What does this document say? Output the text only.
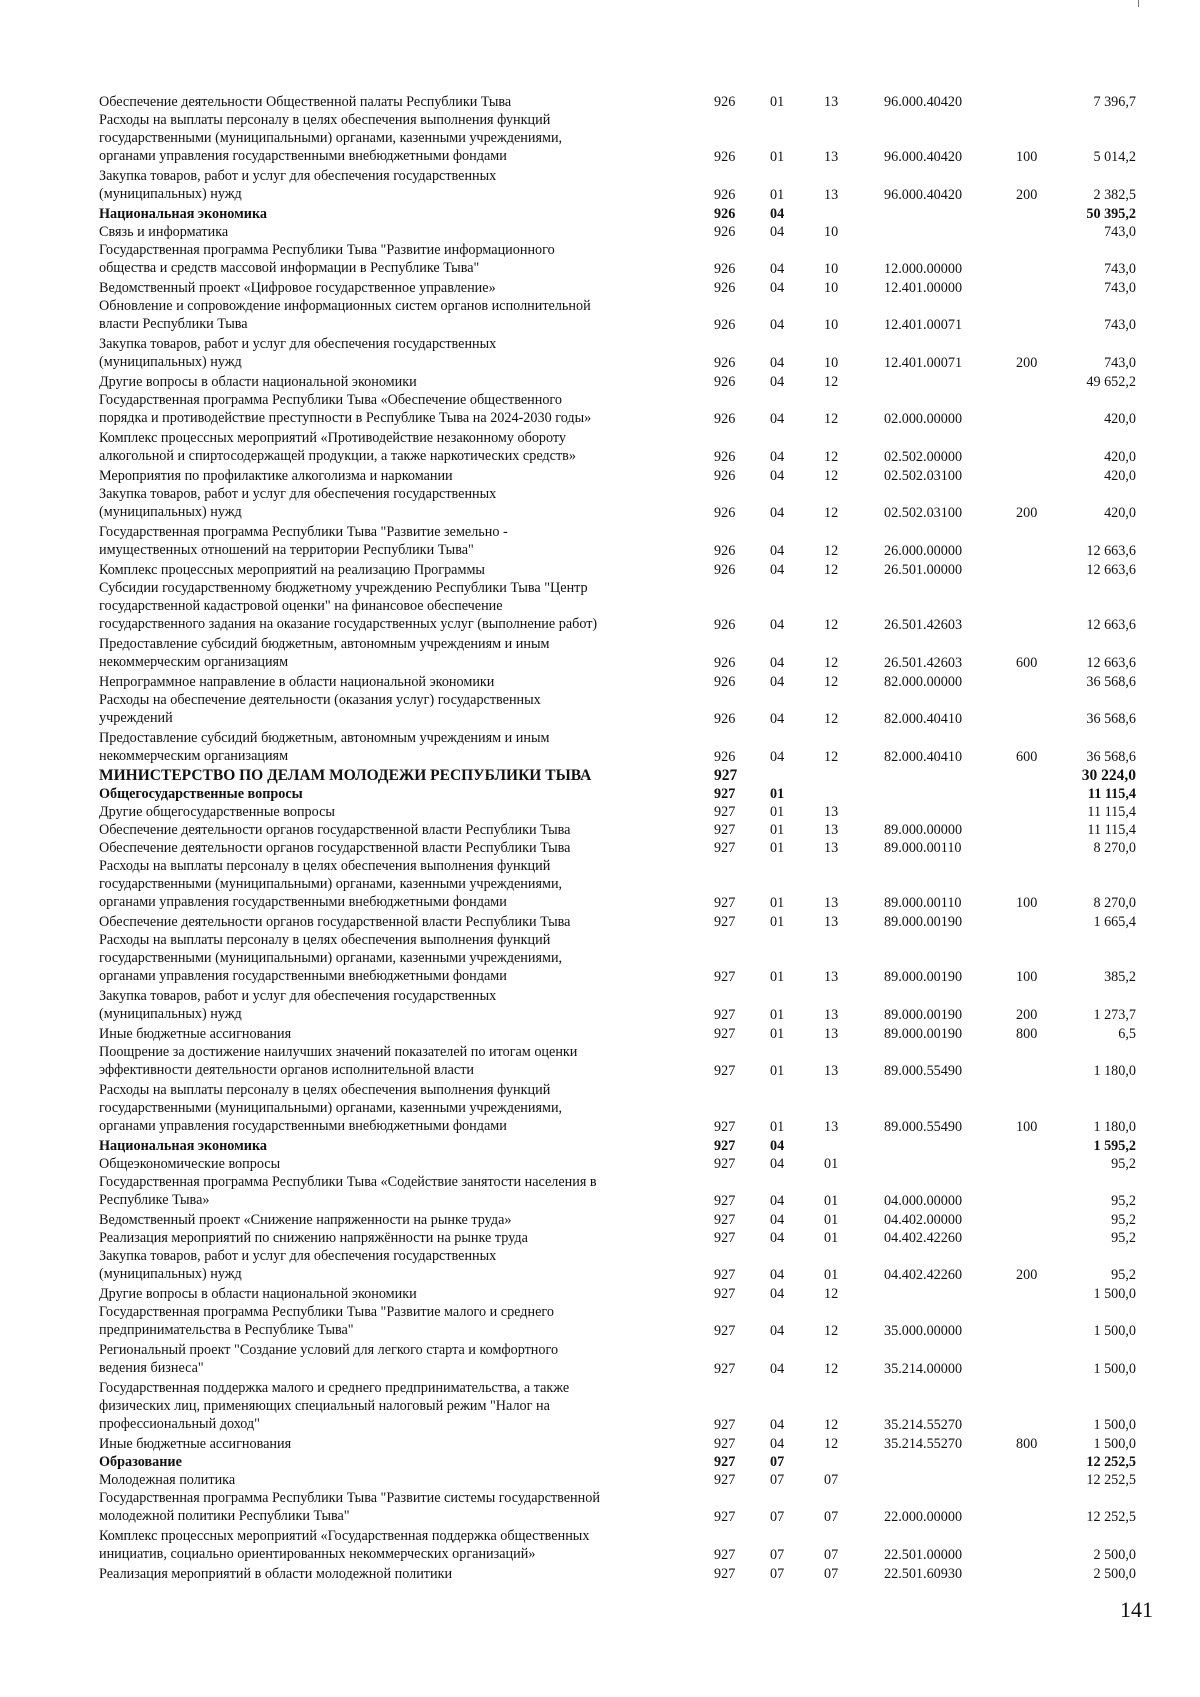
Обеспечение деятельности Общественной палаты Республики Тыва	926 01	13	96.000.40420	7 396,7
Расходы на выплаты персоналу в целях обеспечения выполнения функций
государственными (муниципальными) органами, казенными учреждениями,
органами управления государственными внебюджетными фондами	926 01	13	96.000.40420	100	5 014,2
Закупка товаров, работ и услуг для обеспечения государственных
(муниципальных) нужд	926 01	13	96.000.40420	200	2 382,5
Национальная экономика	926 04	50 395,2
Связь и информатика	926 04	10	743,0
Государственная программа Республики Тыва "Развитие информационного
общества и средств массовой информации в Республике Тыва"	926 04	10	12.000.00000	743,0
Ведомственный проект «Цифровое государственное управление»	926 04	10	12.401.00000	743,0
Обновление и сопровождение информационных систем органов исполнительной
власти Республики Тыва	926 04	10	12.401.00071	743,0
Закупка товаров, работ и услуг для обеспечения государственных
(муниципальных) нужд	926 04	10	12.401.00071	200	743,0
Другие вопросы в области национальной экономики	926 04	12	49 652,2
Государственная программа Республики Тыва «Обеспечение общественного
порядка и противодействие преступности в Республике Тыва на 2024-2030 годы»	926 04	12	02.000.00000	420,0
Комплекс процессных мероприятий «Противодействие незаконному обороту
алкогольной и спиртосодержащей продукции, а также наркотических средств»	926 04	12	02.502.00000	420,0
Мероприятия по профилактике алкоголизма и наркомании	926 04	12	02.502.03100	420,0
Закупка товаров, работ и услуг для обеспечения государственных
(муниципальных) нужд	926 04	12	02.502.03100	200	420,0
Государственная программа Республики Тыва "Развитие земельно -
имущественных отношений на территории Республики Тыва"	926 04	12	26.000.00000	12 663,6
Комплекс процессных мероприятий на реализацию Программы	926 04	12	26.501.00000	12 663,6
Субсидии государственному бюджетному учреждению Республики Тыва "Центр
государственной кадастровой оценки" на финансовое обеспечение
государственного задания на оказание государственных услуг (выполнение работ)	926 04	12	26.501.42603	12 663,6
Предоставление субсидий бюджетным, автономным учреждениям и иным
некоммерческим организациям	926 04	12	26.501.42603	600	12 663,6
Непрограммное направление в области национальной экономики	926 04	12	82.000.00000	36 568,6
Расходы на обеспечение деятельности (оказания услуг) государственных
учреждений	926 04	12	82.000.40410	36 568,6
Предоставление субсидий бюджетным, автономным учреждениям и иным
некоммерческим организациям	926 04	12	82.000.40410	600	36 568,6
МИНИСТЕРСТВО ПО ДЕЛАМ МОЛОДЕЖИ РЕСПУБЛИКИ ТЫВА	927	30 224,0
Общегосударственные вопросы	927 01	11 115,4
Другие общегосударственные вопросы	927 01	13	11 115,4
Обеспечение деятельности органов государственной власти Республики Тыва	927 01	13	89.000.00000	11 115,4
Обеспечение деятельности органов государственной власти Республики Тыва	927 01	13	89.000.00110	8 270,0
Расходы на выплаты персоналу в целях обеспечения выполнения функций
государственными (муниципальными) органами, казенными учреждениями,
органами управления государственными внебюджетными фондами	927 01	13	89.000.00110	100	8 270,0
Обеспечение деятельности органов государственной власти Республики Тыва	927 01	13	89.000.00190	1 665,4
Расходы на выплаты персоналу в целях обеспечения выполнения функций
государственными (муниципальными) органами, казенными учреждениями,
органами управления государственными внебюджетными фондами	927 01	13	89.000.00190	100	385,2
Закупка товаров, работ и услуг для обеспечения государственных
(муниципальных) нужд	927 01	13	89.000.00190	200	1 273,7
Иные бюджетные ассигнования	927 01	13	89.000.00190	800	6,5
Поощрение за достижение наилучших значений показателей по итогам оценки
эффективности деятельности органов исполнительной власти	927 01	13	89.000.55490	1 180,0
Расходы на выплаты персоналу в целях обеспечения выполнения функций
государственными (муниципальными) органами, казенными учреждениями,
органами управления государственными внебюджетными фондами	927 01	13	89.000.55490	100	1 180,0
Национальная экономика	927 04	1 595,2
Общеэкономические вопросы	927 04	01	95,2
Государственная программа Республики Тыва «Содействие занятости населения в
Республике Тыва»	927 04	01	04.000.00000	95,2
Ведомственный проект «Снижение напряженности на рынке труда»	927 04	01	04.402.00000	95,2
Реализация мероприятий по снижению напряжённости на рынке труда	927 04	01	04.402.42260	95,2
Закупка товаров, работ и услуг для обеспечения государственных
(муниципальных) нужд	927 04	01	04.402.42260	200	95,2
Другие вопросы в области национальной экономики	927 04	12	1 500,0
Государственная программа Республики Тыва "Развитие малого и среднего
предпринимательства в Республике Тыва"	927 04	12	35.000.00000	1 500,0
Региональный проект "Создание условий для легкого старта и комфортного
ведения бизнеса"	927 04	12	35.214.00000	1 500,0
Государственная поддержка малого и среднего предпринимательства, а также
физических лиц, применяющих специальный налоговый режим "Налог на
профессиональный доход"	927 04	12	35.214.55270	1 500,0
Иные бюджетные ассигнования	927 04	12	35.214.55270	800	1 500,0
Образование	927 07	12 252,5
Молодежная политика	927 07	07	12 252,5
Государственная программа Республики Тыва "Развитие системы государственной
молодежной политики Республики Тыва"	927 07	07	22.000.00000	12 252,5
Комплекс процессных мероприятий «Государственная поддержка общественных
инициатив, социально ориентированных некоммерческих организаций»	927 07	07	22.501.00000	2 500,0
Реализация мероприятий в области молодежной политики	927 07	07	22.501.60930	2 500,0
141
